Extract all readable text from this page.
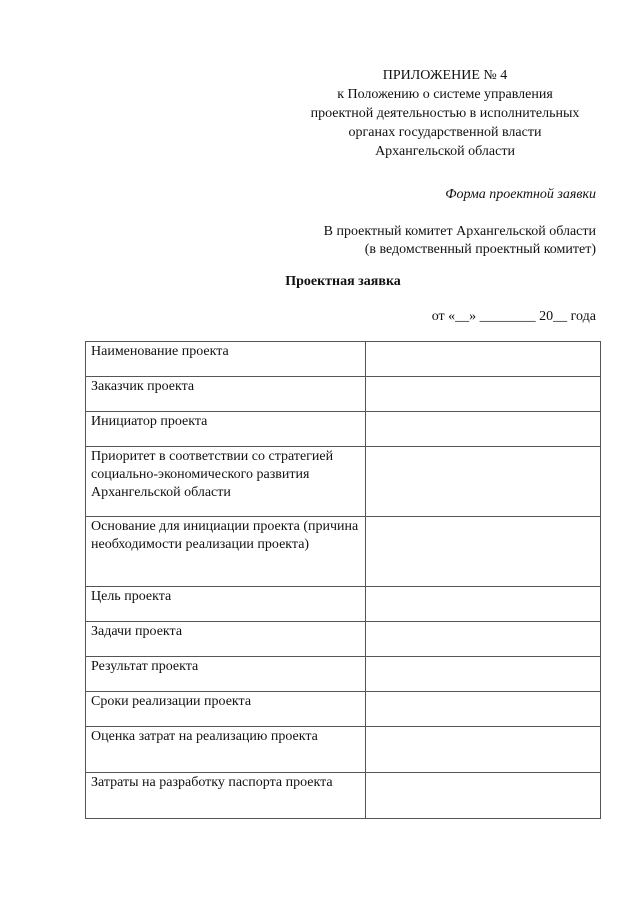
ПРИЛОЖЕНИЕ № 4
к Положению о системе управления
проектной деятельностью в исполнительных
органах государственной власти
Архангельской области
Форма проектной заявки
В проектный комитет Архангельской области
(в ведомственный проектный комитет)
Проектная заявка
от «__» ________ 20__ года
Наименование проекта	
Заказчик проекта	
Инициатор проекта	
Приоритет в соответствии со стратегией социально-экономического развития Архангельской области	
Основание для инициации проекта (причина необходимости реализации проекта)	
Цель проекта	
Задачи проекта	
Результат проекта	
Сроки реализации проекта	
Оценка затрат на реализацию проекта	
Затраты на разработку паспорта проекта	
